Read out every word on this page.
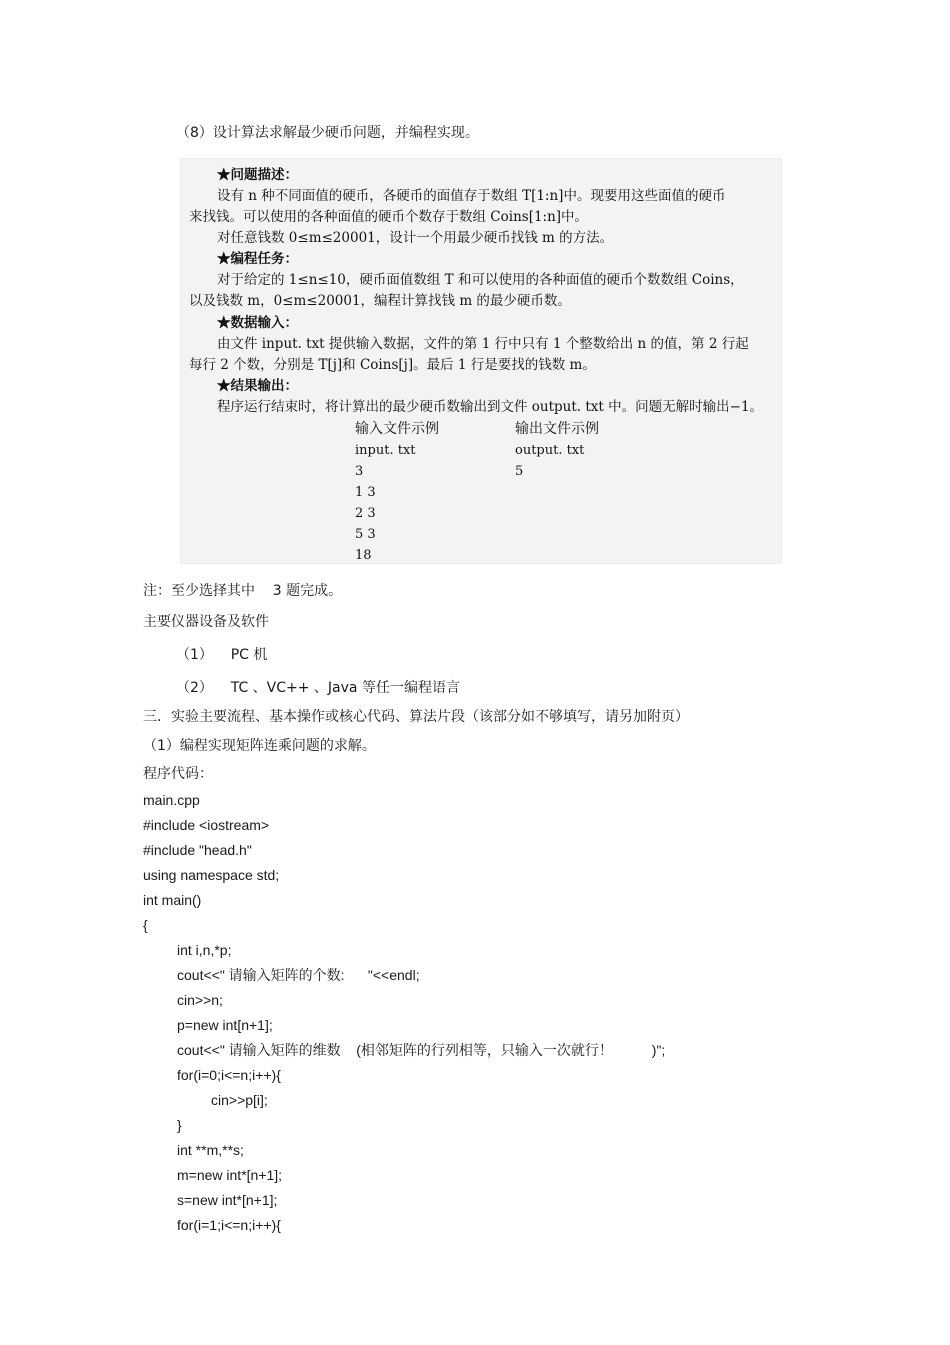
（8）设计算法求解最少硬币问题，并编程实现。
★问题描述：
设有 n 种不同面值的硬币，各硬币的面值存于数组 T[1:n]中。现要用这些面值的硬币
来找钱。可以使用的各种面值的硬币个数存于数组 Coins[1:n]中。
对任意钱数 0≤m≤20001，设计一个用最少硬币找钱 m 的方法。
★编程任务：
对于给定的 1≤n≤10，硬币面值数组 T 和可以使用的各种面值的硬币个数数组 Coins，
以及钱数 m，0≤m≤20001，编程计算找钱 m 的最少硬币数。
★数据输入：
由文件 input. txt 提供输入数据，文件的第 1 行中只有 1 个整数给出 n 的值，第 2 行起
每行 2 个数，分别是 T[j]和 Coins[j]。最后 1 行是要找的钱数 m。
★结果输出：
程序运行结束时，将计算出的最少硬币数输出到文件 output. txt 中。问题无解时输出−1。
输入文件示例
input. txt
3
1 3
2 3
5 3
18
输出文件示例
output. txt
5
注：至少选择其中    3 题完成。
主要仪器设备及软件
（1）    PC 机
（2）    TC 、VC++ 、Java 等任一编程语言
三．实验主要流程、基本操作或核心代码、算法片段（该部分如不够填写，请另加附页）
（1）编程实现矩阵连乘问题的求解。
程序代码：
main.cpp
#include <iostream>
#include "head.h"
using namespace std;
int main()
{
int i,n,*p;
cout<<" 请输入矩阵的个数:      "<<endl;
cin>>n;
p=new int[n+1];
cout<<" 请输入矩阵的维数    (相邻矩阵的行列相等，只输入一次就行！          )";
for(i=0;i<=n;i++){
cin>>p[i];
}
int **m,**s;
m=new int*[n+1];
s=new int*[n+1];
for(i=1;i<=n;i++){
